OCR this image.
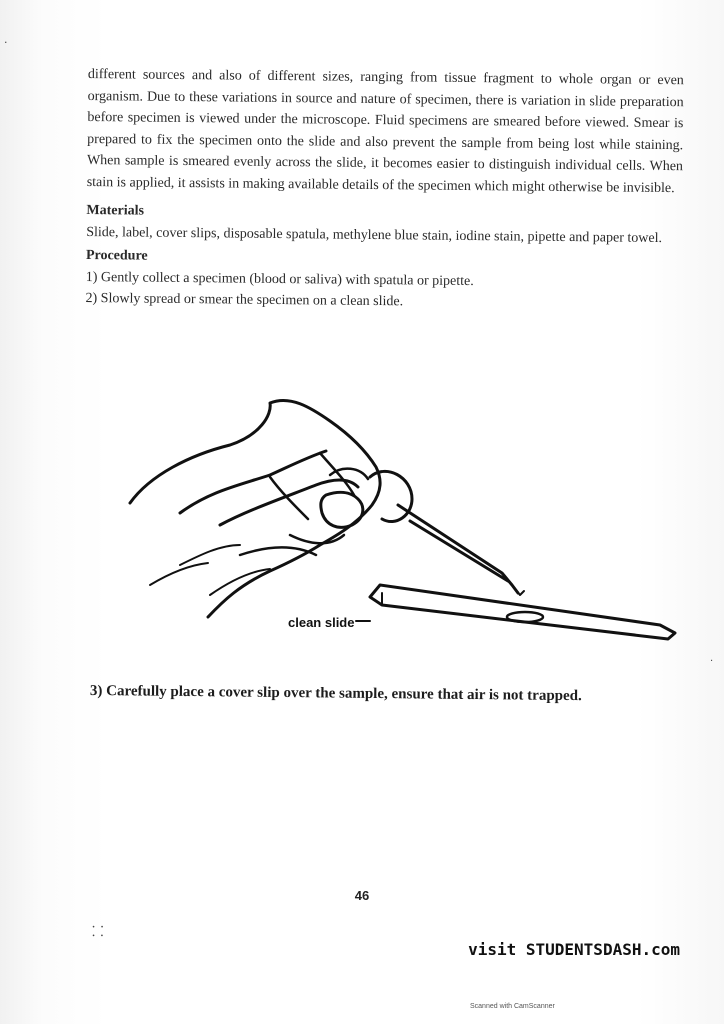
different sources and also of different sizes, ranging from tissue fragment to whole organ or even organism. Due to these variations in source and nature of specimen, there is variation in slide preparation before specimen is viewed under the microscope. Fluid specimens are smeared before viewed. Smear is prepared to fix the specimen onto the slide and also prevent the sample from being lost while staining. When sample is smeared evenly across the slide, it becomes easier to distinguish individual cells. When stain is applied, it assists in making available details of the specimen which might otherwise be invisible.

Materials

Slide, label, cover slips, disposable spatula, methylene blue stain, iodine stain, pipette and paper towel.

Procedure

1) Gently collect a specimen (blood or saliva) with spatula or pipette.

2) Slowly spread or smear the specimen on a clean slide.

clean slide

3) Carefully place a cover slip over the sample, ensure that air is not trapped.

46
visit STUDENTSDASH.com
Scanned with CamScanner
·
⸬
·
